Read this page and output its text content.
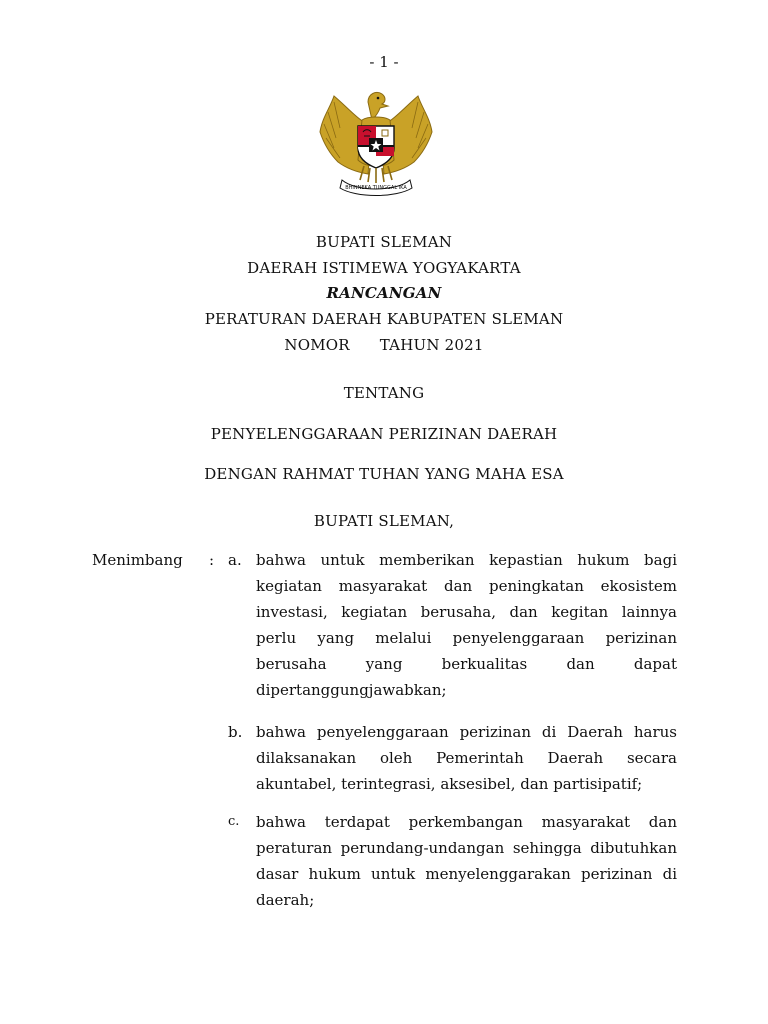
- 1 -
BHINNEKA TUNGGAL IKA
BUPATI SLEMAN
DAERAH ISTIMEWA YOGYAKARTA
RANCANGAN
PERATURAN DAERAH KABUPATEN SLEMAN
NOMOR TAHUN 2021
TENTANG
PENYELENGGARAAN PERIZINAN DAERAH
DENGAN RAHMAT TUHAN YANG MAHA ESA
BUPATI SLEMAN,
Menimbang : a. bahwa untuk memberikan kepastian hukum bagi kegiatan masyarakat dan peningkatan ekosistem investasi, kegiatan berusaha, dan kegitan lainnya perlu yang melalui penyelenggaraan perizinan berusaha yang berkualitas dan dapat dipertanggungjawabkan;
b. bahwa penyelenggaraan perizinan di Daerah harus dilaksanakan oleh Pemerintah Daerah secara akuntabel, terintegrasi, aksesibel, dan partisipatif;
c.	bahwa terdapat perkembangan masyarakat dan peraturan perundang-undangan sehingga dibutuhkan dasar hukum untuk menyelenggarakan perizinan di daerah;
